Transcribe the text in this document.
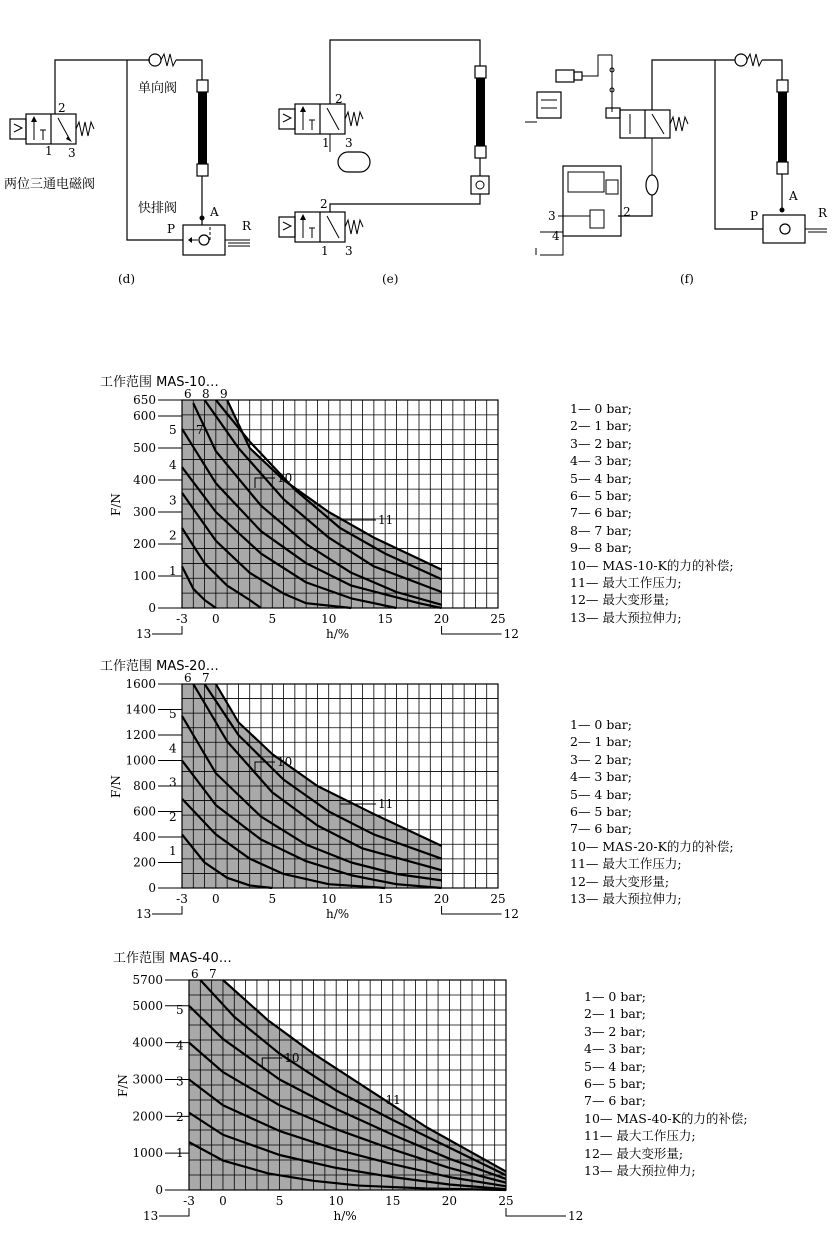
2
1 3
两位三通电磁阀
单向阀
快排阀	A
P	R
(d)
2
1 3
2
1 3
(e)
3
4
2
A
P	R
(f)
工作范围 MAS-10…
0
100
200
300
400
500
600
650
-3 0	5	10	15	20	25
h/%
F/N
6 8 9
7
5
4
3
2
1
10
11
12
13
工作范围 MAS-20…
0
200
400
600
800
1000
1200
1400
1600
-3 0	5	10	15	20	25
h/%
F/N
6 7
5
4
3
2
1
10
11
12
13
工作范围 MAS-40…
0
1000
2000
3000
4000
5000
5700
-3 0	5	10	15	20	25
h/%
F/N
6 7
5
4
3
2
1
10
11
12
13
1— 0 bar;
2— 1 bar;
3— 2 bar;
4— 3 bar;
5— 4 bar;
6— 5 bar;
7— 6 bar;
8— 7 bar;
9— 8 bar;
10— MAS-10-K的力的补偿;
11— 最大工作压力;
12— 最大变形量;
13— 最大预拉伸力;
1— 0 bar;
2— 1 bar;
3— 2 bar;
4— 3 bar;
5— 4 bar;
6— 5 bar;
7— 6 bar;
10— MAS-20-K的力的补偿;
11— 最大工作压力;
12— 最大变形量;
13— 最大预拉伸力;
1— 0 bar;
2— 1 bar;
3— 2 bar;
4— 3 bar;
5— 4 bar;
6— 5 bar;
7— 6 bar;
10— MAS-40-K的力的补偿;
11— 最大工作压力;
12— 最大变形量;
13— 最大预拉伸力;
